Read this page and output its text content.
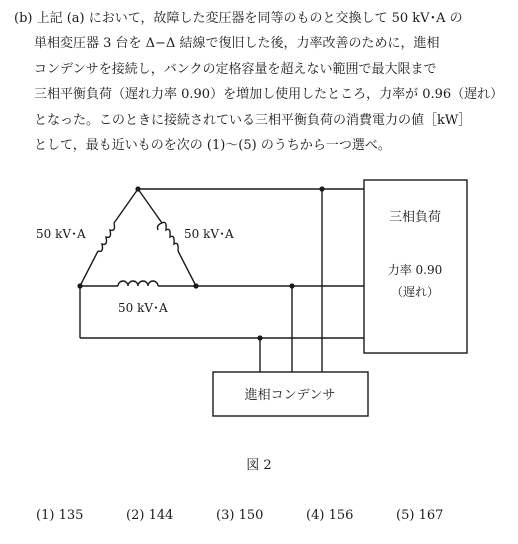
(b) 上記 (a) において，故障した変圧器を同等のものと交換して 50 kV･A の
単相変圧器 3 台を Δ−Δ 結線で復旧した後，力率改善のために，進相
コンデンサを接続し，バンクの定格容量を超えない範囲で最大限まで
三相平衡負荷（遅れ力率 0.90）を増加し使用したところ，力率が 0.96（遅れ）
となった。このときに接続されている三相平衡負荷の消費電力の値［kW］
として，最も近いものを次の (1)～(5) のうちから一つ選べ。
50 kV･A	50 kV･A
50 kV･A
三相負荷
力率 0.90
（遅れ）
進相コンデンサ
図 2
(1) 135	(2) 144	(3) 150	(4) 156	(5) 167
